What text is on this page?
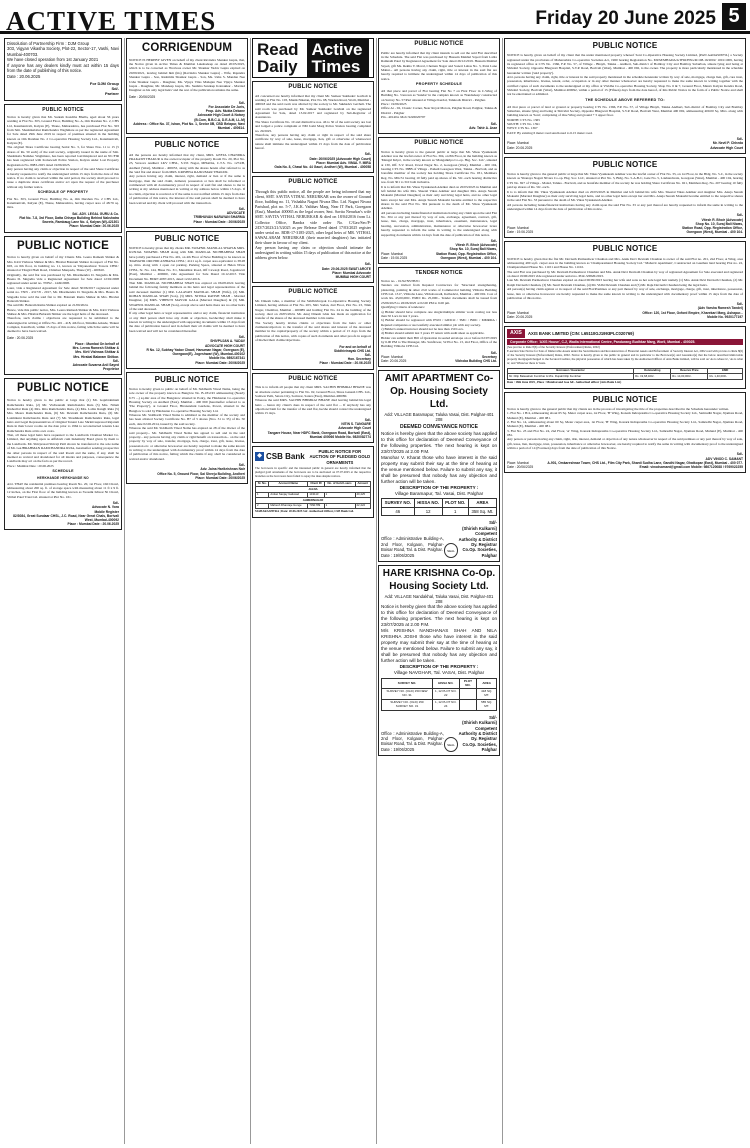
ACTIVE TIMES	Friday 20 June 2025 5
Dissolution of Partnership Firm : DJM Group
303, Vigyan Vikasha Society, Plot-22, Sector-17, Vashi, Navi Mumbai-400703.
We have closed operation from 1st January 2021
If anyone has any dealers kindly must act within 15 days from the date of publishing of this notice.
Date : 20.06.2025
For DJM Group
Sd/-
Partner
PUBLIC NOTICE
Notice is hereby given that Mr. Sudesh Kondiba Bhalla, aged about 56 years residing at Flat No. 303, Ground Floor, Building No. A, Om Darshan No. 2, CHS Ltd, Katemanivali, Kalyan (E), Thane, Maharashtra, has purchased Flat No. 303 from Smt. Shashikalabai Ramchandra Waghmare as per the registered Agreement for Sale dated 29th June 2019 in respect of premises situated in the building known as Om Darshan No. 2 Co-operative Housing Society Ltd., Katemanivali, Kalyan (E).
The original Share Certificate bearing Serial No. 3, for Share Nos. 11 to 15 (5 shares of Rs. 50 each) of the said society, originally issued in the name of Smt. Shashikala Namdeo Waghmare, has been reported lost/misplaced and an NC/FIR has been registered with Kolsewadi Police Station, Kalyan under Lost Property Registration No. 8983-2025 dated 19/06/2025.
Any person having any claim or objection in respect of the said Share Certificate is hereby requested to notify the undersigned within 15 days from the date of this notice. If no claim is received within the said period, the society shall proceed to issue a duplicate share certificate and/or act upon the request of the purchaser without any further notice.
SCHEDULE OF PROPERTY
Flat No. 303, Ground Floor, Building No. A, Om Darshan No. 2 CHS Ltd., Katemanivali, Kalyan (E), Thane, Maharashtra, having carpet area of 48.76 sq. mtrs.
Sd/- ADV. LEGAL GURU & Co.
Flat No. 7-8, 3rd Floor, Datta Chhaya Building Behind Nakshatra Sweets, Rambaug Lane No. 4, Kalyan (W)-421301
Place: Mumbai Date: 20.06.2025
PUBLIC NOTICE
Notice is hereby given on behalf of my Clients Mrs. Leena Ramesh Shitkar & Mrs. Kirti Vishwas Shitkar & Mrs. Hirabai Balaram Shitkar in respect of Flat No. 603, on 6th floor, in building no. 11, known as 'Dnyaneshwar Towers CHSL' situated at Tilagiri Hadi Road, Chitalsar Manpada, Thane (W) - 400610.
Originally, the said flat was purchased by Mr. Dharmendra D. Singadia & Mrs. Heena D. Singadia vide a Registered Agreement for Sale dated 12/02/2008 registered under serial no. TNN2 - 1449/2008.
Later, vide a Registered Agreement for Sale dated 30/06/2017 registered under serial no. TNN - 4317/8 - 2017, Mr. Dharmendra D. Singadia & Mrs. Heena D. Singadia have sold the said flat to Mr. Balaram Rama Shitkar & Mrs. Hirabai Balaram Shitkar.
The said Mr. Balaram Rama Shitkar expired on 21/06/2024.
Hence, vide this public notice, Mrs. Leena Ramesh Shitkar & Mrs. Kirti Vishwas Shitkar & Mrs. Hirabai Balaram Shitkar are the legal heirs of the deceased.
Therefore, such claims / objections are requested to be submitted to the undersigned in writing at Office No. 401 - 418, 4th floor, Shindhu Arkade, Thakur Complex, Kandivali, within 15 days of this notice, failing which the same will be deemed to have been waived.
Date : 20.06.2025
Place : Mumbai On behalf of
Mrs. Leena Ramesh Shitkar &
Mrs. Kirti Vishwas Shitkar &
Mrs. Hirabai Balaram Shitkar.
Sd/-
Advocate Suvarna Anil Sayed
Proprietor
PUBLIC NOTICE
Notice is hereby given to the public at large that (1) Mr. Gajabrahmam Ramchandra Ruia, (2) Mr. Vishwanath Ramchandra Ruia (3) Mrs. Nilam Kishorilal Ruia (4) Mrs. Rita Ramchandra Ruia, (4) Mrs. Lalita Rangli Ruia (5) Mrs. Meera Ramchandra Ruia, (6) Mr. Devnath Ramchandra Ruia, (6) Mr. Laxmikant Ramchandra Ruia and (7) Mr. Shashikant Ramchandra Ruia, legal heirs and Legal Representatives of Original Tenant Late Shrinivasprasad Rajaram Ruia in their lower rooms on the date prior to 1964 to reconstructed tenants Late Ramchandra Ruia at his own costs.
That, all these legal heirs have requested to the Landlords Chamasi Market Co. Limited, that anything upon as Affidavit cum Indemnity Bond given by them to the Landlords. Mr. Shivprasad Shivaji Patil shown be transferred to the sole name of Mr. GAJBRAHMAN RAMCHANDRA RUIA, hereinafter sending prospective the other persons in respect of the said Room and the same, if any, shall be deemed as waived and abandoned for all intents and purposes, consequence the Landlords may act on the facts as per the record.
Place : Mumbai Date : 20.06.2025
SCHEDULE
HERKHANDE HERKHANDE NO
ALL THAT the residential premises bearing Room No. 20, 1st Floor, Old Chawl, admeasuring about 200 sq. ft. of storage space with measuring about 11 ft x 9 ft. 12 inches, on the First floor of the building known as Swastik Ishwar Ni Chawl, Vitthal Patel Trust Ltd. situated at Plot No. 161.
Sd/-
Advocate N. Vora
Mobile Register
82/3084, Great Sundaar CHSL, J.C. Road, Near Great Chals, Borivali West, Mumbai-400092
Place : Mumbai Date : 20.06.2025
CORRIGENDUM
NOTICE IS HEREBY GIVEN on behalf of my client Ravindra Shankar Gupta, that, the Notice given in Active Times & Mumbai Lakshadeep on dated 20/05/2025, which is to be corrected as 'Previous owner Mr. Shankar Yadav Gupta expired on 20/09/2021, leaving behind him (his) (Ravindra Shankar Gupta) - Wife, Rajendra Shankar Gupta - Son, Rashmila Shankar Gupta - Son, Ms. Usha S. Mandan Nee Usha Shankar Gupta - Daughter, Ms. Vijaya Vilas Mahajan Nee Vijaya Shankar Gupta - Daughter, Mr. Mandeep Gupta, Ms. Sushma Sandeep Kotnakkar - Married Daughter as his only legal heirs' and the rest of the publication remains the same.
Date : 20/06/2025
Sd/-
For Associate De Juris,
Prop. Adv. Mukta Dekane
Advocate High Court & Notary
(B.Com, B.B.C.A, D.E.A.M, LL.M)
Address : Office No. 37, Ishan, Plot No. 1, Sector 8B, CBD Belapur, Navi Mumbai - 400614.
PUBLIC NOTICE
All the persons are hereby informed that my client, MRS. GEETA CHANDRA PRAKASH THAKUR is the owner/occupier of the property Room No. 20, Plot No. 23, Versova Andheri LKV CHSL, S.V.P. Nagar, MHADA, C.T.S. No. 1274/B, Andheri (West), Mumbai - 400053, along with the shares herein after referred to as the 'said flat and shares' from MRS. KRISHNA RAJKUMAR THAKUR.
Any person having any claim, interest, right, demand or lien or if the same is mortgage, then the said claim, demand, possession or lien shall be informed or commenced with all documentary proof in respect of said flat and shares to me in writing at my address mentioned in writing at my address below within 15 days. If no claim, objection is received or if the same is not notified within 15 days from date of publication of this notice, the interest of the said person shall be deemed to have been waived and my client will proceed with the transaction.
Sd/-
ADVOCATE
TRIBHUVAN NARAYAN SHARMA
Place : Mumbai Date : 20/06/2025
PUBLIC NOTICE
NOTICE is hereby given that my clients MR. SWAPNIL MANILAL SHAH & MRS. KUNJAL SWAPNIL SHAH along with MR. MANILAL NICHHABHAI SHAH have jointly purchased a Flat No. 401, on 4th Floor of Neve Building to be known as 'MAHAVIR ORCHID ASHIANA CHSL', 4121 sq.ft. carpet area equivalent to 38.28 sq. mtrs. along with 1 open car parking. Parking Space, situated at Helen Nivas CHSL, Sr. No. 144, Hissa No. 3/1, Manubhai Road, Off Cawasji Road, Jogeshwari (East), Mumbai - 400060, vide Agreement for Sale Dated 10.12.2015 Vide Document No. BDR7-2087-2015, dated 12.02.2016.
That MR. MANILAL NICHHABHAI SHAH has expired on 06.08.2024 leaving behind the following family members as his heirs and legal representatives of the said deceased member (1) MR. LALAVATI MANILAL SHAH (Wife), (2) MR. ROHAN MANILAL SHAH (Son), (3) MRS. NITIKA RATISH SHAH - Married Daughter, (4) MRS. VIBHUTI MAYUR GALA (Married Daughter) & (5) MR. SWAPNIL MANILAL SHAH (Son), except above said heirs there are no other heirs of the said deceased.
If any other legal heirs or legal representative and/or any claim, financial institution or any third person shall have any claim or objection, he/she/they shall make it known in writing to the undersigned with supporting documents within 15 days from the date of publication hereof and in default their all claims will be deemed to have been waived and will not be considered thereafter.
Sd/-
SHIVPUJAN A. YADAV
ADVOCATE HIGH COURT
R No. 12, Subhay Yadav Chawl, Hanuman Nagar, Goregaon (E), Goregaon(E), Jogeshwari (W), Mumbai-400102
Mobile No. 9892167341
Place: Mumbai Date: 20/06/2025
PUBLIC NOTICE
Notice is hereby given to public on behalf of Mr. Siddharth Vinod Nema, being the sole owner of the property known as Bunglow No. B-18/2/45 admeasuring (Nearly 6.75 ...) sq.mtr area of the Bungalow situated in Ponty, the Hindustan Co-operative Housing Society on Andheri (East), Mumbai - 400 069 (hereinafter referred to as 'The Property'), at Ground Floor, Hiranandani Gardens, Powai, situated in the Bunglow is sold by Hindustan Co-operative Housing Society Ltd.
Whereas Mr. Siddharth Vinod Nema is admitted as the member of the society and has been allotted Society Certificate No. B7 of 5 shares (Nos. 31 to 35) of Rs. 50 each, date 02.06.2014, issued by the said society.
Whereas the said Mr. Siddharth Vinod Nema has expired on 28 of the Owner of the said property... Mr. Siddharth Vinod Nema has agreed to sell and in the said property... any persons having any claim or right/benefit on transaction... on the said property by way of sale, transfer, mortgage, lien, charge, trust, gift, lease, license, possession etc. or otherwise howsoever are hereby required to make the same known in writing to the undersigned with documentary proof within 14 days from the date of publication of this notice, failing which the claims if any, shall be considered as waived and/or abandoned.
Sd/-
Adv. Jaina Harikrishnan Nair
Office No. 5, Ground Floor, Sai Sheeju Building, Andheri
Place: Mumbai Date: 20/06/2025
Read Daily
Active Times
PUBLIC NOTICE
All concerned are hereby informed that my client Mr. Sameer Sukhadev Gavhali is residing at Flat No. 103, Manik Niketan, Plot No. 68, Warden Road, Worli, Mumbai - 400018 and the said room was allotted by the society to Mr. Sukhadev Gavhali. The said room was purchased by Mr. Sameer Sukhadev Gavhali on the registered Agreement for Sale, dated 13.02.2017 and registered by Sub-Registrar of Assurances.
The Share Certificate No. 10 and distinctive nos. 46 to 50 of the said society are lost and lodged a police complaint at NM Joshi Marg Police Station bearing complaint no. 29/2025.
Therefore, any persons having any claim or right in respect of the said share certificate by way of sale, lease, mortgage, lien, gift or otherwise of whatsoever nature shall intimate the undersigned within 15 days from the date of publication hereof.
Sd/-
Date: 20/06/2025 (Advocate High Court)
Place: Mumbai Adv. VIMAL Y. MIRA
Gala No. 8, Chawl No. 44 Gauri, Andheri (W), Mumbai - 400058
PUBLIC NOTICE
Through this public notice, all the people are being informed that my client, SMT. SAVITA VITHAL NERURKAR was the owner of Ground floor, building no. 11, Vishakha Nagari Nivara Dho. Ltd. Nagari Nivara Parishad, plot no. 5-7, J.K.K. Vaibhav Marg, Near IT Park, Goregaon (East), Mumbai 400065 as the legal owner, Smt. Savita Nerurkar's wife SMT. SAVITA VITHAL NERURKAR & died on 18/04/2016 from Lt. Collector Office, Bandra vide order No. C/Gav/Sec/P-2/D/7/2023/21/3/2025 as per Release Deed dated 17/03/2025 register under serial no. BDR-17-3185-2025, other legal heirs of MR. VITHAL SAWALARAM NERURKAR (their married daughters) has initiated their share in favour of my client.
Any person having any claim or objection should intimate the undersigned in writing within 15 days of publication of this notice at the address given below.
Sd/-
Date: 20.06.2025 SWATI AROTE
Place: Mumbai Advocate
MUMBAI HIGH COURT
PUBLIC NOTICE
Mr. Dinesh Ghia, a member of the Siddhivinayak Co-Operative Housing Society Limited, having address at Flat No. 203, Shiv Sadan, 2nd Floor, Plot No. 23, Tilak Nagar, Chembur, Mumbai - 400089 and holding Flat No. 24 in the building of the society, died on 20/05/2024. Mr. Anuj Dinesh Ghia has made an application for transfer of the shares of the deceased member to his name.
The Society hereby invites claims or objections from the heirs or other claimants/objectors to the transfer of the said shares and interest of the deceased member in the capital/property of the society within a period of 15 days from the publication of this notice, with copies of such documents and other proofs in support of his/her/their claims/objections.
For and on behalf of
Siddhivinayak CHS Ltd.
Sd/-
Hon. Secretary
Place : Mumbai Date : 20.06.2025
PUBLIC NOTICE
This is to inform all people that my client MRS. SACHIN BHIMRAJ BHANE was an absolute owner pertaining to Flat No. 02, Ground Floor, Shree Ganesh CHS. Ltd., Somwar Peth, Satara City, Somwar, Satara (East), Mumbai-400080.
Whereas the said MRS. SACHIN BHIMRAJ BHANE died leaving behind his legal heirs ... hence my client's dues in respect of the said flat ... If anybody has any objection/claim for the transfer of the said flat, he/she should contact the undersigned within 15 days.
Sd/-
NITIN S. TANGARE
Advocate High Court
Tangare House, Near HDFC Bank, Goregaon Road, Borivali (East), Mumbai 400066 Mobile No. 9820082774
◆ CSB Bank
PUBLIC NOTICE FOR AUCTION OF PLEDGED GOLD ORNAMENTS
The borrowers in specific and the interested public in general are hereby informed that the pledged gold ornaments of the borrowers are to be auctioned on 07.07.2025 at the respective branches as the borrowers have failed to repay the dues despite notices.
Sl. No.	Account Name	Client ID	No. of Gold Loans	Amount
JALNA				
1	Aniket Sanjay Gaikwad	143113	1	40,425
AHMEDNAGAR				
2	Mahesh Dhanraje Gunge	7391789	1	22,422
MAHARASHTRA | Date: 20.06.2025 Sd/- Authorised Officer, CSB Bank Ltd.
PUBLIC NOTICE
Public are hereby informed that my client intends to sell out the said Flat described in the Schedule. The said Flat was purchased by Hussain Makbul Sayed from Lalita Ramnath Patel by Registered Agreement for Sale dated 26/12/2019. Hussain Makbul Sayed, gift Ms. Rekha V. Moral, Chetnan Nagar and Soneri Lahas No. 3, Parsi Lane Mahur... All persons having any claim, right, title or interest in the said flat are hereby required to intimate the undersigned within 14 days of publication of this notice.
PROPERTY SCHEDULE
All that piece and parcel of Flat bearing Flat No 7 on First Floor in C-Wing of Building No. 3 known as 'Sundar' in the complex known as 'Nandadeep' constructed on Survey No. 57/Part situated at Village Kerdal, Taluka & District - Palghar.
Place : 19/06/2025
Office At - 02, Classic Corner, Near Royal Motors, Palghar Road, Palghar, Taluka & District - Palghar
Pin - 401404. Mob: 9226020797
Sd/-
Adv. Tahir A. Asar
PUBLIC NOTICE
Notice is hereby given to the general public at large that Mr. Vikas Vyankatesh Adelkar was the lawful owner of Flat No. 304, on 8th Floor, in the building known as 'Mangal Kripa', in the society known as 'Mangalkripa Co-op. Hsg. Soc. Ltd.', situated at 130, Off. S.V. Road, Ursod Nagar No. 2, Goregaon (West), Mumbai - 400 104, bearing CTS No. 388B of Village - Pahadi Goregaon West, Taluka - Borivali, and as bonafide member of the society has holding Share Certificate No. 031, Members Reg. No. MK/31 bearing 10 fully paid up shares of Rs. 50/- each bearing distinctive nos. from 301 to 310 both inclusive.
It is to inform that Mr. Vikas Vyankatesh Adelkar died on 20/03/2025 in Mumbai and left behind his wife Mrs. Sheetal Vikas Adelkar and daughter Mrs. Anuja Suresh Mokashi (Married Daughter) as their only surviving legal heirs, and no other legal heirs except her and Mrs. Anuja Suresh Mokashi became entitled to the respective shares in the said Flat No. 304 pursuant to the death of Mr. Vikas Vyankatesh Adelkar.
All persons including banks/financial institutions having any claim upon the said Flat No. 304 or any part thereof by way of sale, exchange, agreement, contract, gift, lease, lien, charge, mortgage, trust, inheritance, easement, maintenance, legal hearing, succession, administration, maintenance or otherwise howsoever is/are hereby requested to inform the same in writing to the undersigned along with supporting documents within 14 days from the date of publication of this notice.
Place: Mumbai
Date : 19.06.2025
Sd/-
Vitesh R. Bhoir (Advocate)
Shop No. 10, Suraj Bali Niwas,
Station Road, Opp. Registration Office,
Goregaon (West), Mumbai - 400 104.
TENDER NOTICE
Notice no. - 01/92/NSTH/01
Tenders are invited from Reputed Contractors for 'Structural strengthening, plastering, painting & other civil works of Commercial building Vibhoba Building CHS Ltd. 1317, Vibhoba Lane, Vibhobawadi, Kalbadevi, Mumbai - 400 002. Cost of work Rs. 45,00,000/- EMD: Rs. 25,000/-. Tender documents shall be issued from 23/06/2025 to 26/06/2025 at 02.00 PM to 6.00 pm.
Qualifying Criteria of tenderers:
a) Bidder should have complete one single/multiple similar work costing not less than 50 Lacs in last 3 years.
b) Bidder should be registered with PWD / GIDCO / TMC / BMC / MMRDA / Reputed companies or successfully executed similar job with any society.
c) Bidder's annual turnover should not be less than 150 Lacs.
d) Bidder should submit last 3 years IT return with audit sheet as applicable.
Bidder can submit their Bill of Quotation in sealed envelope on or before 02/07/2025 by 6.00 PM to The Manager, Ms. Sunflower, 52 Plot No. 13, 2nd Floor, Office of the Building Vibhoba CHS Ltd.
Place: Mumbai
Date: 20.06.2025
Sd/-
Secretary
Vibhoba Building CHS Ltd.
AMIT APARTMENT Co-Op. Housing Society Ltd.
Add: VILLAGE Baramapur, Taluka Vasai, Dist. Palghar-401 208
DEEMED CONVEYANCE NOTICE
Notice is hereby given that the above society has applied to this office for declaration of Deemed Conveyance of the following properties. The next hearing is kept on 23/07/2025 at 2.00 P.M.
Manohar V. Kharat those who have interest in the said property may submit their say at the time of hearing at the venue mentioned below. Failure to submit any say, it shall be presumed that nobody has any objection and further action will be taken.
DESCRIPTION OF THE PROPERTY :
Village Baramapur, Tal. Vasai, Dist. Palghar
SURVEY NO.	HISSA NO.	PLOT NO.	AREA
46	12	1	358 Sq. Mt.
Office : Administrative Building-A, 2nd Floor, Kolgaon, Palghar-Boisar Road, Tal. & Dist. Palghar.
Date : 19/06/2025
SEAL
Sd/-
(Shirish Kulkarni)
Competent Authority & District Dy. Registrar Co.Op. Societies, Palghar
HARE KRISHNA Co-Op. Housing Society Ltd.
Add: VILLAGE Nandakhal, Taluka Vasai, Dist. Palghar-401 208
Notice is hereby given that the above society has applied to this office for declaration of Deemed Conveyance of the following properties. The next hearing is kept on 23/07/2025 at 2.00 P.M.
M/s KRISHNA NANDHANAS SHAH AND NILA KRISHNA JOSHI those who have interest in the said property may submit their say at the time of hearing at the venue mentioned below. Failure to submit any say, it shall be presumed that nobody has any objection and further action will be taken.
DESCRIPTION OF THE PROPERTY :
Village NAVGHAR, Tal. VASAI, Dist. Palghar
SURVEY NO.	HISSA NO.	PLOT NO.	AREA
SURVEY NO. (OLD) 150 NEW NO. 31	1, 12 PLOT NO. 22		418 SQ. MT.
SURVEY NO. (OLD) 150 SURVEY NO. 31	1, 12 PLOT NO. 24		585 SQ. MT.
Office : Administrative Building-A, 2nd Floor, Kolgaon, Palghar-Boisar Road, Tal. & Dist. Palghar.
Date : 19/06/2025
SEAL
Sd/-
(Shirish Kulkarni)
Competent Authority & District Dy. Registrar Co.Op. Societies, Palghar
PUBLIC NOTICE
NOTICE is hereby given on behalf of my client that the under mentioned property whereof Soni Co-Operative Housing Society Limited, (PAN AADAS0675L) a Society registered under the provisions of Maharashtra Co-operative Societies Act, 1960 bearing Registration No. MUM/MHADA/GTHO/HSG/R/108-16/2002/ 1001/1009, having its registered office at CTS No. 1366, F.P. No. 57, of Village - Bhayli, Taluka - Andheri, Sub-district of Bombay City and Bombay Suburban, situate lying and being at Shivshri Society, Opposite Bhagwati Hospital, S.V.P. Road, Borivali (West), Mumbai - 400 092, is the owner. The property is more particularly mentioned in the schedule hereunder written ('said property').
ALL persons having any claim, right, title or interest in the said property mentioned in the schedule hereunder written by way of sale, mortgage, charge lien, gift, care trust, possession, inheritance, license, tenant, order, occupation or in any other manner whatsoever are hereby requested to make the same known in writing together with the certified copies of such documents to the undersigned at my office at Vividha Co-operative Housing Society, Shop No. 6 & 7, Ground Floor, Manav Kalyan Kendra Road, Shivshri Society, Borivali (West), Mumbai 400092, within a period of 15 (Fifteen) days from the date hereof, of this Public Notice in the form of a Public Notice and shall not be entertained or admitted.
THE SCHEDULE ABOVE REFERRED TO:
All that piece or parcel of land or ground or property bearing CTS No. 1366, F.P. No. 57, of Village Bhayli, Taluka Andheri, Sub-district of Bombay City and Bombay Suburban, situate lying and being at Shivshri Society, Opposite Bhagwati Hospital, S.V.P. Road, Borivali West, Mumbai 400 092, admeasuring 400.00 Sq. Mtrs. along with building known as 'Soni', comprising of One Wing and ground + 5 upper floor.
NORTH: CTS No. 1365
SOUTH: CTS No. 1391
WEST: CTS No. 1367
EAST: By existing 6 meter road sanctioned to 6.15 meter road.
Place: Mumbai
Date: 20.06.2025
Sd/-
Mr. Nevil P. Chheda
Advocate High Court
PUBLIC NOTICE
Notice is hereby given to the general public at large that Mr. Vikas Vyankatesh Adelkar was the lawful owner of Flat No. 33, on 1st Floor, in the Bldg. No. 5-C, in the society known as 'Shanaya Nagari Nivara Co-op. Hsg. Soc. Ltd.', situated at Plot No. 5, Bldg. No. 5-A-B-C, Gate No. 5, Lokhandwala, Goregaon (West), Mumbai - 400 104, bearing CTS No. 827 of Village - Malad, Taluka - Borivali, and as bonafide member of the society he was holding Share Certificate No. 021, Members Reg. No. 207 bearing 10 fully paid up shares of Rs. 50/- each.
It is to inform that Mr. Vikas Vyankatesh Adelkar died on 20/03/2025 in Mumbai and left behind his wife Mrs. Sheetal Vikas Adelkar and daughter Mrs. Anuja Suresh Mokashi (Married Daughter) as their only surviving legal heirs, and no other legal heirs except her and Mrs. Anuja Suresh Mokashi became entitled to the respective shares in the said Flat No. 33 pursuant to the death of Mr. Vikas Vyankatesh Adelkar.
All persons including banks/financial institutions having any claim upon the said Flat No. 33 or any part thereof are hereby requested to inform the same in writing to the undersigned within 14 days from the date of publication of this notice.
Place: Mumbai
Date : 19.06.2025
Sd/-
Vitesh R. Bhoir (Advocate)
Shop No. 10, Suraj Bali Niwas,
Station Road, Opp. Registration Office,
Goregaon (West), Mumbai - 400 104.
PUBLIC NOTICE
NOTICE is hereby given that the flat Mr. Devnath Parmeshwar Chauhan and Mrs. Annk Devi Devnath Chauhan is owner of the said Flat no. 201, 2nd Floor, A Wing, area admeasuring 490 sq.ft. carpet area in the building known as 'Champaramand Housing Society Ltd.' 'Mahavir Apartment', Constructed on Gauthan land bearing Plot no. 22, Champaramand House No. 11101 and House No. 11102.
The said Flat was purchased by Mr. Devnath Parmeshwar Chauhan and Mrs. Annk Devi Devnath Chauhan by way of registered Agreement for Sale executed and registered on dated 19/06/2023 vide registered under serial no. PLR-3/6826/2023.
Late Mr. Devnath Parmeshwar Chauhan expired on dated 06/09/2023 leaving her wife and sons as her sole legal heir namely (1) Mrs. Annk Devi Devnath Chauhan, (2) Mr. Ranjit Devnath Chauhan, (3) Mr. Sunil Devnath Chauhan, (4) Mr. Vidhi Devnath Chauhan and (5) Mr. Raju Devnath Chauhan being the legal heirs.
All person(s) having claim against or in respect of the said Flat/Premises or any part thereof by way of sale, exchange, mortgage, charge, gift, trust, inheritance, possession, lease, lien or otherwise howsoever are hereby requested to make the same known in writing to the undersigned with documentary proof within 15 days from the date of publication of this notice.
Place: Mumbai
Date: 20.06.2025
Sd/-
(Adv Varsha Ramesh Tandel)
Office: 120, 1st Floor, Oxford Empire, Kharekari Marg, Ashapur...
Mobile No. 9920177197
AXIS	AXIS BANK LIMITED (CIN: L65110GJ1993PLC020769)
Corporate Office: 'AXIS House', C-2, Wadia International Centre, Pandurang Budhkar Marg, Worli, Mumbai - 400025.
(See proviso to Rule 8(6) of the Security Interest (Enforcement) Rules, 2002)
E-auction Sale Notice for Sale of Immovable Assets under the Securitisation and Reconstruction of Financial Assets and Enforcement of Security Interest Act, 2002 read with proviso to Rule 8(6) of the Security Interest (Enforcement) Rules, 2002. Notice is hereby given to the public in general and in particular to the Borrower(s) and Guarantor(s) that the below described immovable property mortgaged/charged to the Secured Creditor, the physical possession of which has been taken by the Authorised Officer of Axis Bank Limited, will be sold on 'As is where is', 'As is what is', and 'Whatever there is' basis.
Borrower / Guarantor	Outstanding	Reserve Price	EMD
Mr. Dilip Balasaheb Kumbhar & Mrs. Rupali Dilip Kumbhar	Rs. 19,68,400/-	Rs. 14,00,000/-	Rs. 1,40,000/-
Date : 18th June 2025 , Place : Mumbai and Goa Sd/- Authorized officer (Axis Bank Ltd.)
PUBLIC NOTICE
Notice is hereby given to the general public that my clients are in the process of investigating the title of the properties described in the Schedule hereunder written.
1. Flat No. 1 B/4, admeasuring about 65 Sq. Meter carpet area, 1st Floor, 'B' Wing, Konark Indraprastha Co-operative Housing Society Ltd., Samrudhi Nagar, Jijamata Road, Mulund (E), Mumbai - 400 081.
2. Flat No. 14, admeasuring about 60 Sq. Meter carpet area, 1st Floor, 'B' Wing, Konark Indraprastha Co-operative Housing Society Ltd., Samrudhi Nagar, Jijamata Road, Mulund (E), Mumbai - 400 081.
3. Flat No. 23 and Flat No. 24, 2nd Floor, 'A' Wing, Konark Indraprastha Co-operative Housing Society Ltd., Samrudhi Nagar, Jijamata Road, Mulund (E), Mumbai - 400 081.
Any person or persons having any claim, right, title, interest, demand or objection of any nature whatsoever in respect of the said premises or any part thereof by way of sale, gift, lease, lien, mortgage, trust, possession, inheritance or otherwise howsoever, are hereby required to notify the same in writing with documentary proof to the undersigned within a period of 14 (Fourteen) days from the date of publication of this Notice.
Place: Mumbai
Date : 20/06/2025
Sd/-
ADV VINOD C. SAMANT
A-901, Omkareshwar Tower, CHS Ltd., Film City Park, Shanti Sudha Lane, Gandhi Nagar, Ghatkopar (East), Mumbai - 400 077.
Email: vinodsamant@gmail.com Mobile: 9867120088 / 9769022255
